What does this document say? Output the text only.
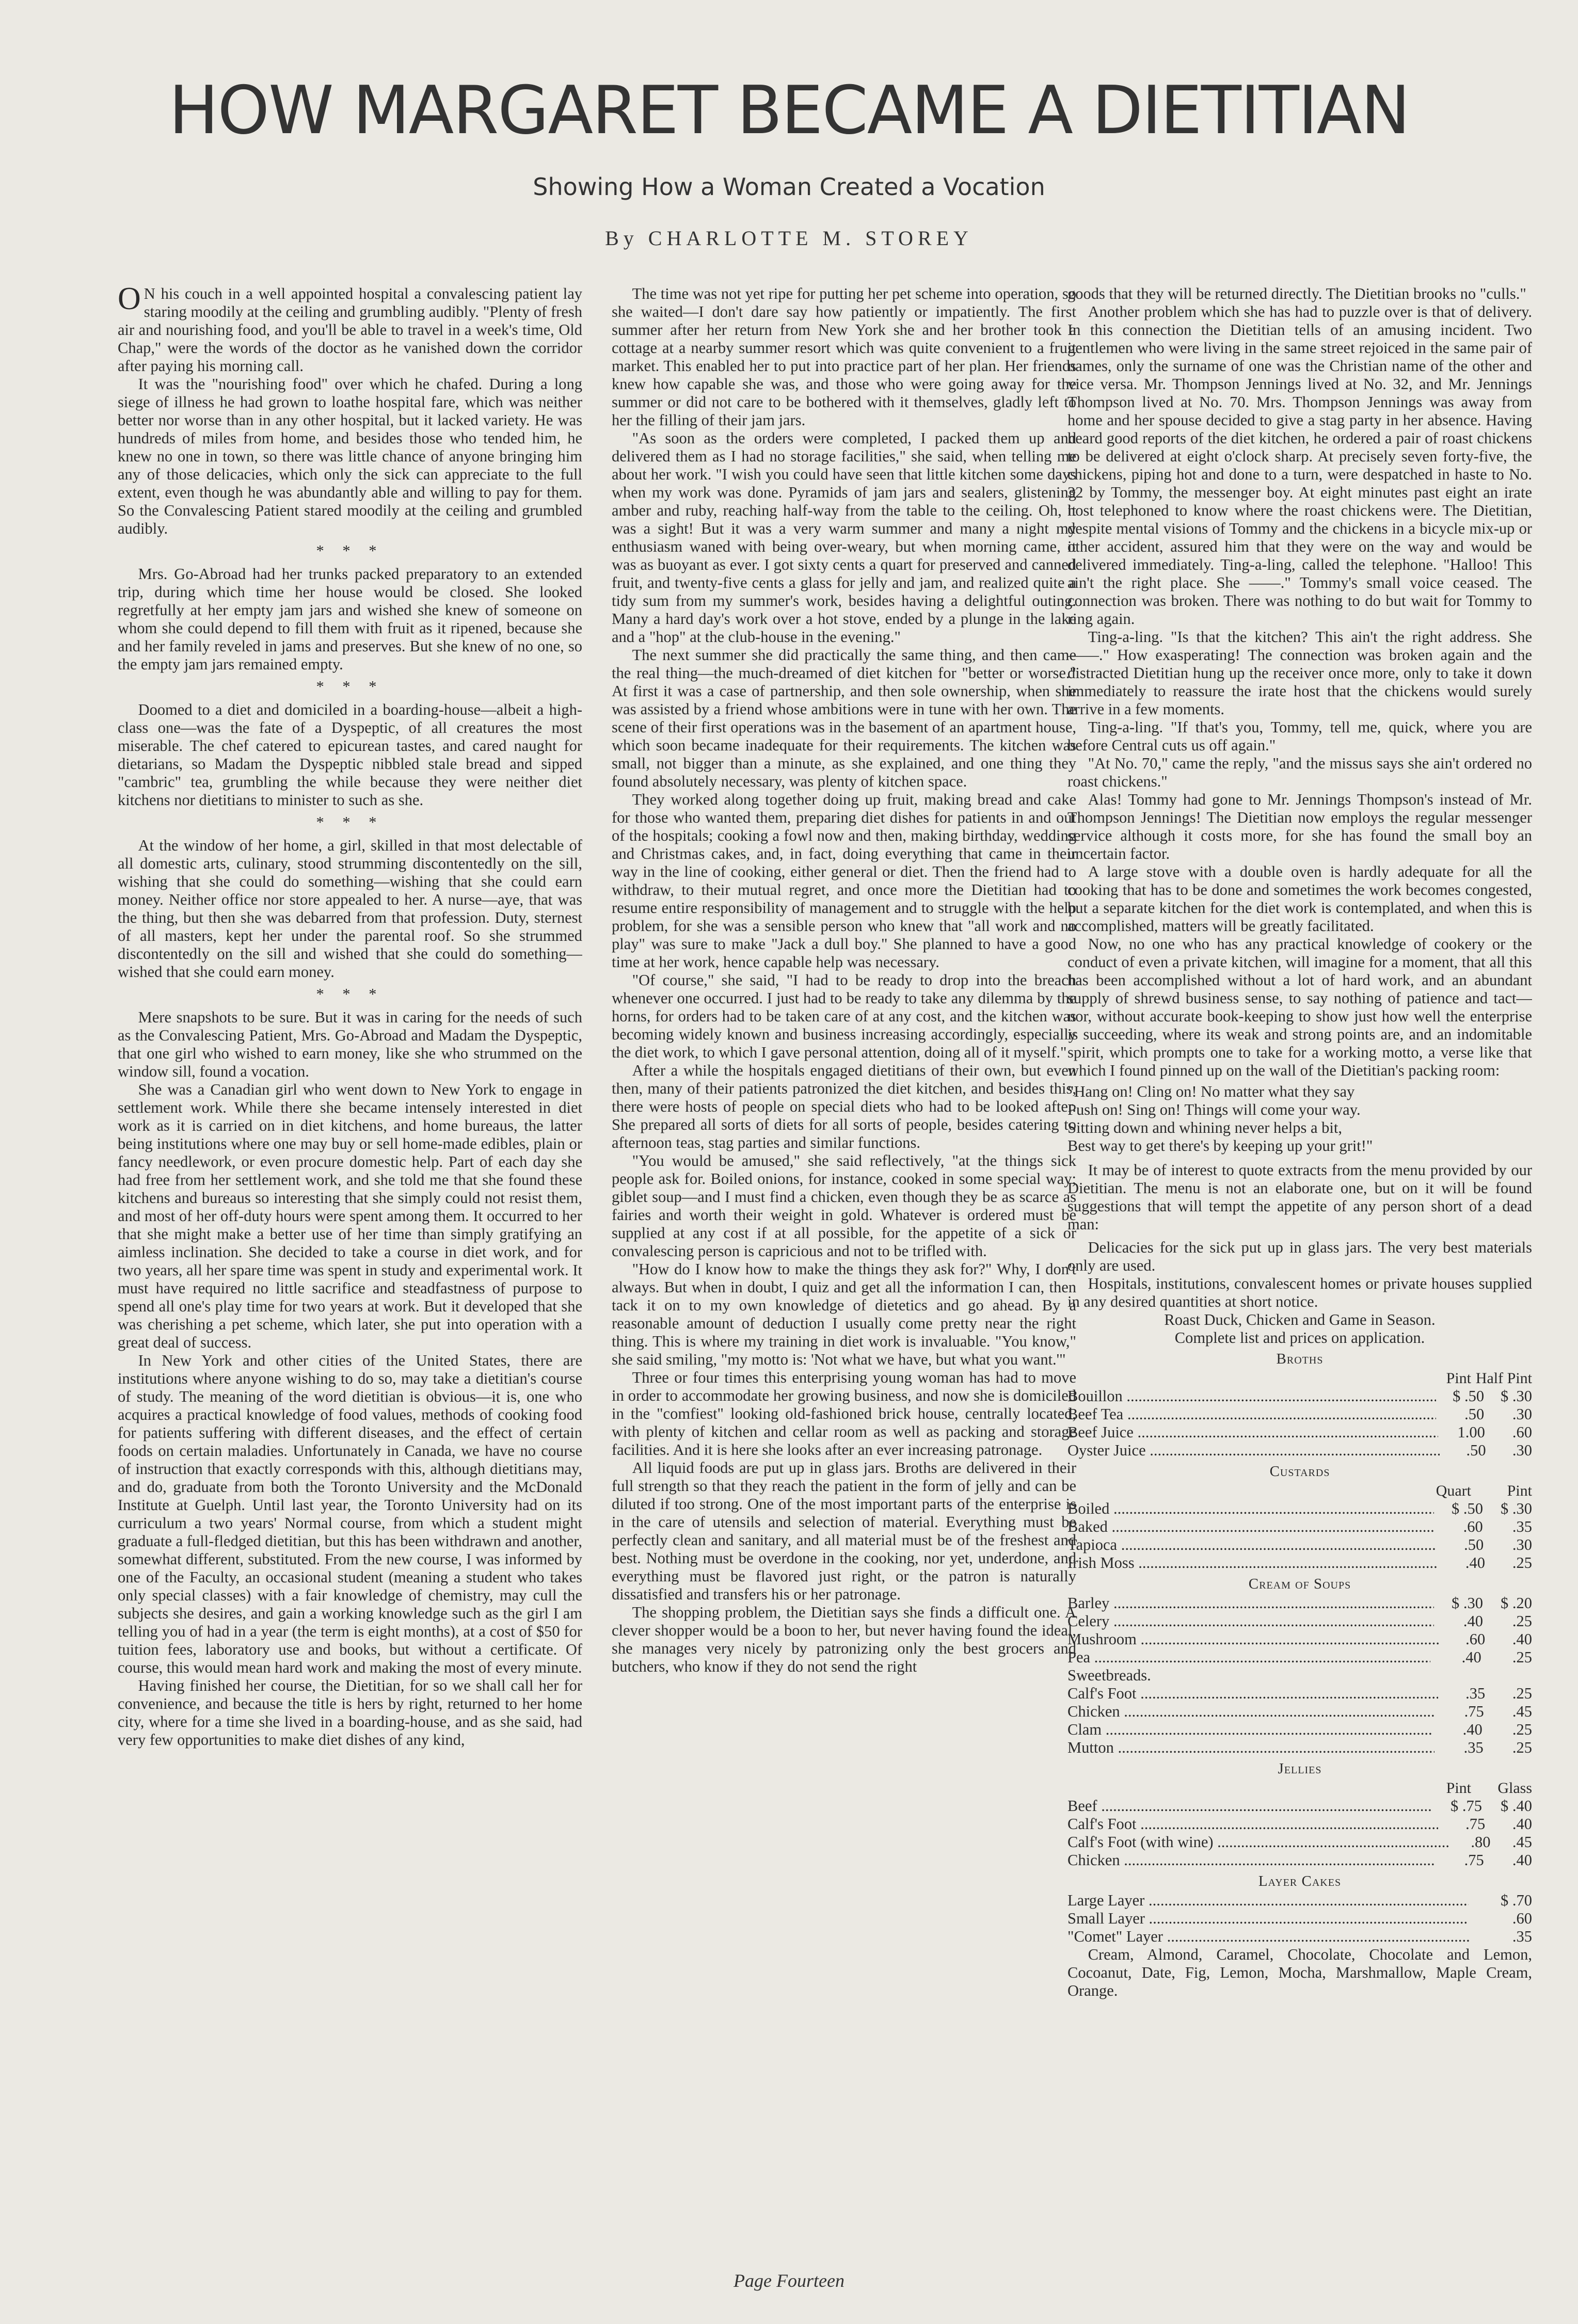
HOW MARGARET BECAME A DIETITIAN
Showing How a Woman Created a Vocation
By CHARLOTTE M. STOREY

O N his couch in a well appointed hospital a convalescing patient lay staring moodily at the ceiling and grumbling audibly. "Plenty of fresh air and nourishing food, and you'll be able to travel in a week's time, Old Chap," were the words of the doctor as he vanished down the corridor after paying his morning call.

It was the "nourishing food" over which he chafed. During a long siege of illness he had grown to loathe hospital fare, which was neither better nor worse than in any other hospital, but it lacked variety. He was hundreds of miles from home, and besides those who tended him, he knew no one in town, so there was little chance of anyone bringing him any of those delicacies, which only the sick can appreciate to the full extent, even though he was abundantly able and willing to pay for them. So the Convalescing Patient stared moodily at the ceiling and grumbled audibly.

* * *

Mrs. Go-Abroad had her trunks packed preparatory to an extended trip, during which time her house would be closed. She looked regretfully at her empty jam jars and wished she knew of someone on whom she could depend to fill them with fruit as it ripened, because she and her family reveled in jams and preserves. But she knew of no one, so the empty jam jars remained empty.

* * *

Doomed to a diet and domiciled in a boarding-house—albeit a high-class one—was the fate of a Dyspeptic, of all creatures the most miserable. The chef catered to epicurean tastes, and cared naught for dietarians, so Madam the Dyspeptic nibbled stale bread and sipped "cambric" tea, grumbling the while because they were neither diet kitchens nor dietitians to minister to such as she.

* * *

At the window of her home, a girl, skilled in that most delectable of all domestic arts, culinary, stood strumming discontentedly on the sill, wishing that she could do something—wishing that she could earn money. Neither office nor store appealed to her. A nurse—aye, that was the thing, but then she was debarred from that profession. Duty, sternest of all masters, kept her under the parental roof. So she strummed discontentedly on the sill and wished that she could do something—wished that she could earn money.

* * *

Mere snapshots to be sure. But it was in caring for the needs of such as the Convalescing Patient, Mrs. Go-Abroad and Madam the Dyspeptic, that one girl who wished to earn money, like she who strummed on the window sill, found a vocation.

She was a Canadian girl who went down to New York to engage in settlement work. While there she became intensely interested in diet work as it is carried on in diet kitchens, and home bureaus, the latter being institutions where one may buy or sell home-made edibles, plain or fancy needlework, or even procure domestic help. Part of each day she had free from her settlement work, and she told me that she found these kitchens and bureaus so interesting that she simply could not resist them, and most of her off-duty hours were spent among them. It occurred to her that she might make a better use of her time than simply gratifying an aimless inclination. She decided to take a course in diet work, and for two years, all her spare time was spent in study and experimental work. It must have required no little sacrifice and steadfastness of purpose to spend all one's play time for two years at work. But it developed that she was cherishing a pet scheme, which later, she put into operation with a great deal of success.

In New York and other cities of the United States, there are institutions where anyone wishing to do so, may take a dietitian's course of study. The meaning of the word dietitian is obvious—it is, one who acquires a practical knowledge of food values, methods of cooking food for patients suffering with different diseases, and the effect of certain foods on certain maladies. Unfortunately in Canada, we have no course of instruction that exactly corresponds with this, although dietitians may, and do, graduate from both the Toronto University and the McDonald Institute at Guelph. Until last year, the Toronto University had on its curriculum a two years' Normal course, from which a student might graduate a full-fledged dietitian, but this has been withdrawn and another, somewhat different, substituted. From the new course, I was informed by one of the Faculty, an occasional student (meaning a student who takes only special classes) with a fair knowledge of chemistry, may cull the subjects she desires, and gain a working knowledge such as the girl I am telling you of had in a year (the term is eight months), at a cost of $50 for tuition fees, laboratory use and books, but without a certificate. Of course, this would mean hard work and making the most of every minute.

Having finished her course, the Dietitian, for so we shall call her for convenience, and because the title is hers by right, returned to her home city, where for a time she lived in a boarding-house, and as she said, had very few opportunities to make diet dishes of any kind,

The time was not yet ripe for putting her pet scheme into operation, so she waited—I don't dare say how patiently or impatiently. The first summer after her return from New York she and her brother took a cottage at a nearby summer resort which was quite convenient to a fruit market. This enabled her to put into practice part of her plan. Her friends knew how capable she was, and those who were going away for the summer or did not care to be bothered with it themselves, gladly left to her the filling of their jam jars.

"As soon as the orders were completed, I packed them up and delivered them as I had no storage facilities," she said, when telling me about her work. "I wish you could have seen that little kitchen some days when my work was done. Pyramids of jam jars and sealers, glistening amber and ruby, reaching half-way from the table to the ceiling. Oh, it was a sight! But it was a very warm summer and many a night my enthusiasm waned with being over-weary, but when morning came, it was as buoyant as ever. I got sixty cents a quart for preserved and canned fruit, and twenty-five cents a glass for jelly and jam, and realized quite a tidy sum from my summer's work, besides having a delightful outing. Many a hard day's work over a hot stove, ended by a plunge in the lake and a "hop" at the club-house in the evening."

The next summer she did practically the same thing, and then came the real thing—the much-dreamed of diet kitchen for "better or worse." At first it was a case of partnership, and then sole ownership, when she was assisted by a friend whose ambitions were in tune with her own. The scene of their first operations was in the basement of an apartment house, which soon became inadequate for their requirements. The kitchen was small, not bigger than a minute, as she explained, and one thing they found absolutely necessary, was plenty of kitchen space.

They worked along together doing up fruit, making bread and cake for those who wanted them, preparing diet dishes for patients in and out of the hospitals; cooking a fowl now and then, making birthday, wedding and Christmas cakes, and, in fact, doing everything that came in their way in the line of cooking, either general or diet. Then the friend had to withdraw, to their mutual regret, and once more the Dietitian had to resume entire responsibility of management and to struggle with the help problem, for she was a sensible person who knew that "all work and no play" was sure to make "Jack a dull boy." She planned to have a good time at her work, hence capable help was necessary.

"Of course," she said, "I had to be ready to drop into the breach whenever one occurred. I just had to be ready to take any dilemma by the horns, for orders had to be taken care of at any cost, and the kitchen was becoming widely known and business increasing accordingly, especially the diet work, to which I gave personal attention, doing all of it myself."

After a while the hospitals engaged dietitians of their own, but even then, many of their patients patronized the diet kitchen, and besides this, there were hosts of people on special diets who had to be looked after. She prepared all sorts of diets for all sorts of people, besides catering to afternoon teas, stag parties and similar functions.

"You would be amused," she said reflectively, "at the things sick people ask for. Boiled onions, for instance, cooked in some special way; giblet soup—and I must find a chicken, even though they be as scarce as fairies and worth their weight in gold. Whatever is ordered must be supplied at any cost if at all possible, for the appetite of a sick or convalescing person is capricious and not to be trifled with.

"How do I know how to make the things they ask for?" Why, I don't always. But when in doubt, I quiz and get all the information I can, then tack it on to my own knowledge of dietetics and go ahead. By a reasonable amount of deduction I usually come pretty near the right thing. This is where my training in diet work is invaluable. "You know," she said smiling, "my motto is: 'Not what we have, but what you want.'"

Three or four times this enterprising young woman has had to move in order to accommodate her growing business, and now she is domiciled in the "comfiest" looking old-fashioned brick house, centrally located, with plenty of kitchen and cellar room as well as packing and storage facilities. And it is here she looks after an ever increasing patronage.

All liquid foods are put up in glass jars. Broths are delivered in their full strength so that they reach the patient in the form of jelly and can be diluted if too strong. One of the most important parts of the enterprise is in the care of utensils and selection of material. Everything must be perfectly clean and sanitary, and all material must be of the freshest and best. Nothing must be overdone in the cooking, nor yet, underdone, and everything must be flavored just right, or the patron is naturally dissatisfied and transfers his or her patronage.

The shopping problem, the Dietitian says she finds a difficult one. A clever shopper would be a boon to her, but never having found the ideal, she manages very nicely by patronizing only the best grocers and butchers, who know if they do not send the right

goods that they will be returned directly. The Dietitian brooks no "culls."

Another problem which she has had to puzzle over is that of delivery. In this connection the Dietitian tells of an amusing incident. Two gentlemen who were living in the same street rejoiced in the same pair of names, only the surname of one was the Christian name of the other and vice versa. Mr. Thompson Jennings lived at No. 32, and Mr. Jennings Thompson lived at No. 70. Mrs. Thompson Jennings was away from home and her spouse decided to give a stag party in her absence. Having heard good reports of the diet kitchen, he ordered a pair of roast chickens to be delivered at eight o'clock sharp. At precisely seven forty-five, the chickens, piping hot and done to a turn, were despatched in haste to No. 32 by Tommy, the messenger boy. At eight minutes past eight an irate host telephoned to know where the roast chickens were. The Dietitian, despite mental visions of Tommy and the chickens in a bicycle mix-up or other accident, assured him that they were on the way and would be delivered immediately. Ting-a-ling, called the telephone. "Halloo! This ain't the right place. She ——." Tommy's small voice ceased. The connection was broken. There was nothing to do but wait for Tommy to ring again.

Ting-a-ling. "Is that the kitchen? This ain't the right address. She——." How exasperating! The connection was broken again and the distracted Dietitian hung up the receiver once more, only to take it down immediately to reassure the irate host that the chickens would surely arrive in a few moments.

Ting-a-ling. "If that's you, Tommy, tell me, quick, where you are before Central cuts us off again."

"At No. 70," came the reply, "and the missus says she ain't ordered no roast chickens."

Alas! Tommy had gone to Mr. Jennings Thompson's instead of Mr. Thompson Jennings! The Dietitian now employs the regular messenger service although it costs more, for she has found the small boy an uncertain factor.

A large stove with a double oven is hardly adequate for all the cooking that has to be done and sometimes the work becomes congested, but a separate kitchen for the diet work is contemplated, and when this is accomplished, matters will be greatly facilitated.

Now, no one who has any practical knowledge of cookery or the conduct of even a private kitchen, will imagine for a moment, that all this has been accomplished without a lot of hard work, and an abundant supply of shrewd business sense, to say nothing of patience and tact—nor, without accurate book-keeping to show just how well the enterprise is succeeding, where its weak and strong points are, and an indomitable spirit, which prompts one to take for a working motto, a verse like that which I found pinned up on the wall of the Dietitian's packing room:

"Hang on! Cling on! No matter what they say
Push on! Sing on! Things will come your way.
Sitting down and whining never helps a bit,
Best way to get there's by keeping up your grit!"

It may be of interest to quote extracts from the menu provided by our Dietitian. The menu is not an elaborate one, but on it will be found suggestions that will tempt the appetite of any person short of a dead man:

Delicacies for the sick put up in glass jars. The very best materials only are used.

Hospitals, institutions, convalescent homes or private houses supplied in any desired quantities at short notice.

Roast Duck, Chicken and Game in Season.

Complete list and prices on application.

Broths
Pint Half Pint
Bouillon .....	$ .50	$ .30
Beef Tea .....	.50	.30
Beef Juice .....	1.00	.60
Oyster Juice .....	.50	.30
Custards
Quart	Pint
Boiled .....	$ .50	$ .30
Baked .....	.60	.35
Tapioca .....	.50	.30
Irish Moss .....	.40	.25
Cream of Soups
Barley .....	$ .30	$ .20
Celery .....	.40	.25
Mushroom .....	.60	.40
Pea .....	.40	.25
Sweetbreads.
Calf's Foot .....	.35	.25
Chicken .....	.75	.45
Clam .....	.40	.25
Mutton .....	.35	.25
Jellies
Pint	Glass
Beef .....	$ .75	$ .40
Calf's Foot .....	.75	.40
Calf's Foot (with wine) .....	.80	.45
Chicken .....	.75	.40
Layer Cakes
Large Layer .....	$ .70
Small Layer .....	.60
"Comet" Layer .....	.35

Cream, Almond, Caramel, Chocolate, Chocolate and Lemon, Cocoanut, Date, Fig, Lemon, Mocha, Marshmallow, Maple Cream, Orange.

Page Fourteen
